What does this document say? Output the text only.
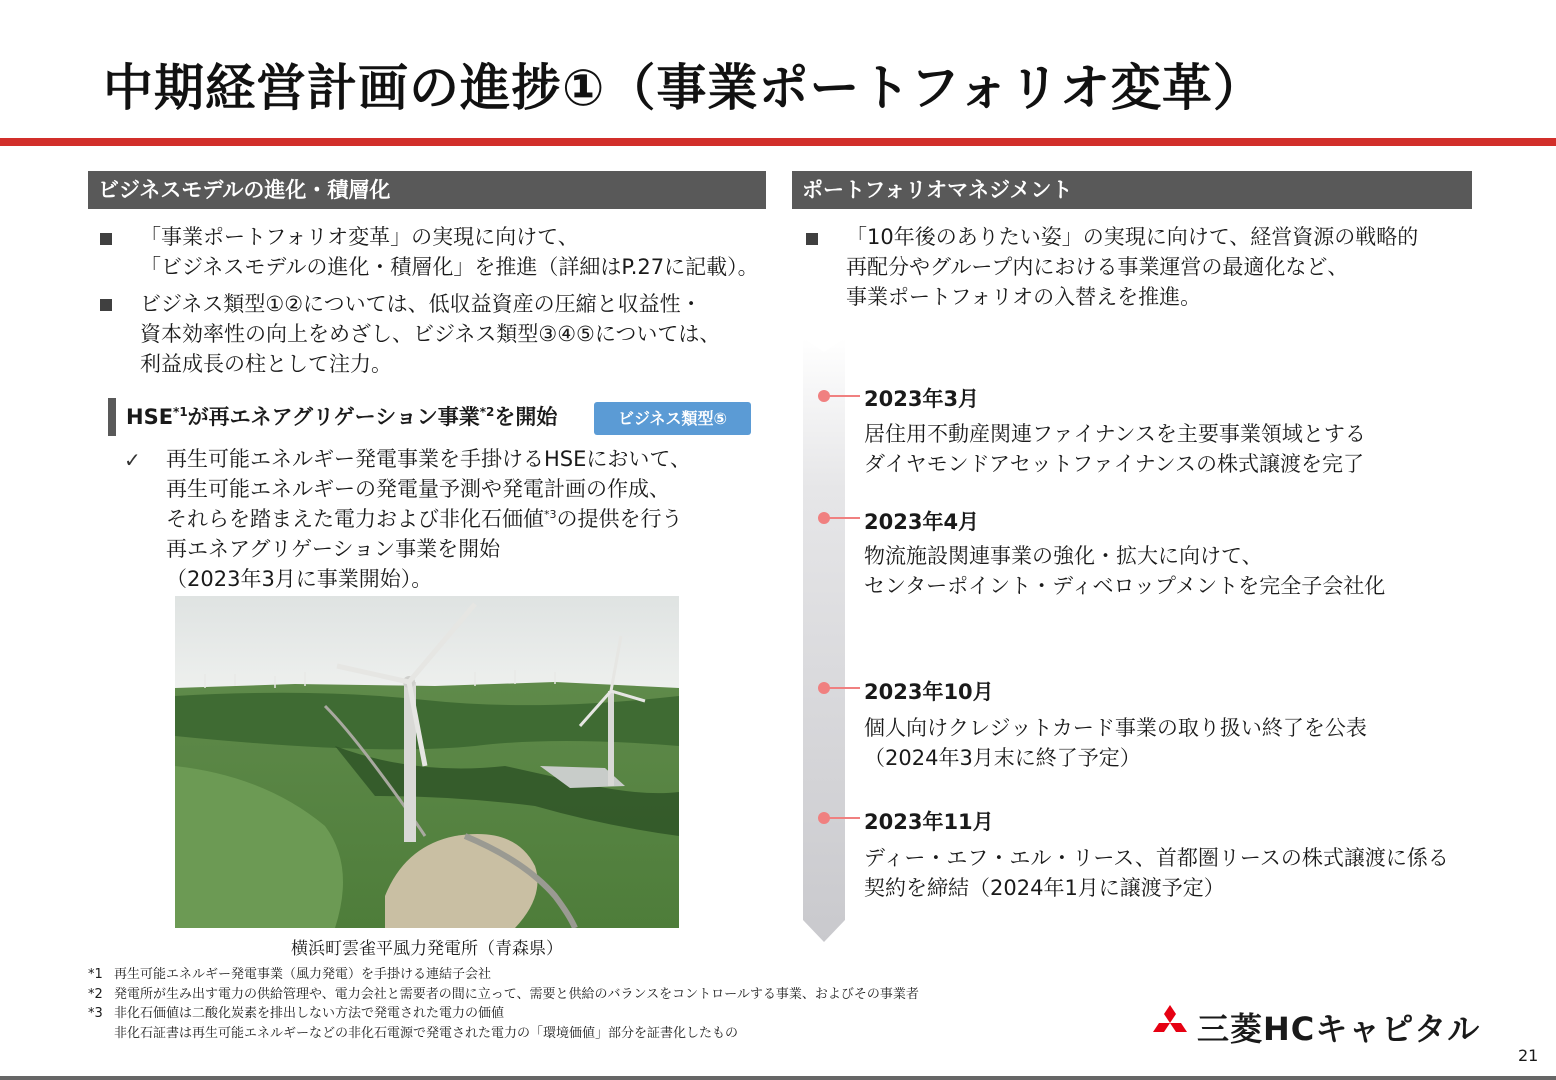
中期経営計画の進捗①（事業ポートフォリオ変革）
ビジネスモデルの進化・積層化
「事業ポートフォリオ変革」の実現に向けて、
「ビジネスモデルの進化・積層化」を推進（詳細はP.27に記載）。
ビジネス類型①②については、低収益資産の圧縮と収益性・
資本効率性の向上をめざし、ビジネス類型③④⑤については、
利益成長の柱として注力。
HSE$^{*1}$が再エネアグリゲーション事業$^{*2}$を開始	ビジネス類型⑤
✓ 再生可能エネルギー発電事業を手掛けるHSEにおいて、
再生可能エネルギーの発電量予測や発電計画の作成、
それらを踏まえた電力および非化石価値$^{*3}$の提供を行う
再エネアグリゲーション事業を開始
（2023年3月に事業開始）。
横浜町雲雀平風力発電所（青森県）
ポートフォリオマネジメント
「10年後のありたい姿」の実現に向けて、経営資源の戦略的
再配分やグループ内における事業運営の最適化など、
事業ポートフォリオの入替えを推進。
2023年3月
居住用不動産関連ファイナンスを主要事業領域とする
ダイヤモンドアセットファイナンスの株式譲渡を完了
2023年4月
物流施設関連事業の強化・拡大に向けて、
センターポイント・ディベロップメントを完全子会社化
2023年10月
個人向けクレジットカード事業の取り扱い終了を公表
（2024年3月末に終了予定）
2023年11月
ディー・エフ・エル・リース、首都圏リースの株式譲渡に係る
契約を締結（2024年1月に譲渡予定）
*1 再生可能エネルギー発電事業（風力発電）を手掛ける連結子会社
*2 発電所が生み出す電力の供給管理や、電力会社と需要者の間に立って、需要と供給のバランスをコントロールする事業、およびその事業者
*3 非化石価値は二酸化炭素を排出しない方法で発電された電力の価値
非化石証書は再生可能エネルギーなどの非化石電源で発電された電力の「環境価値」部分を証書化したもの	三菱HCキャピタル
21
